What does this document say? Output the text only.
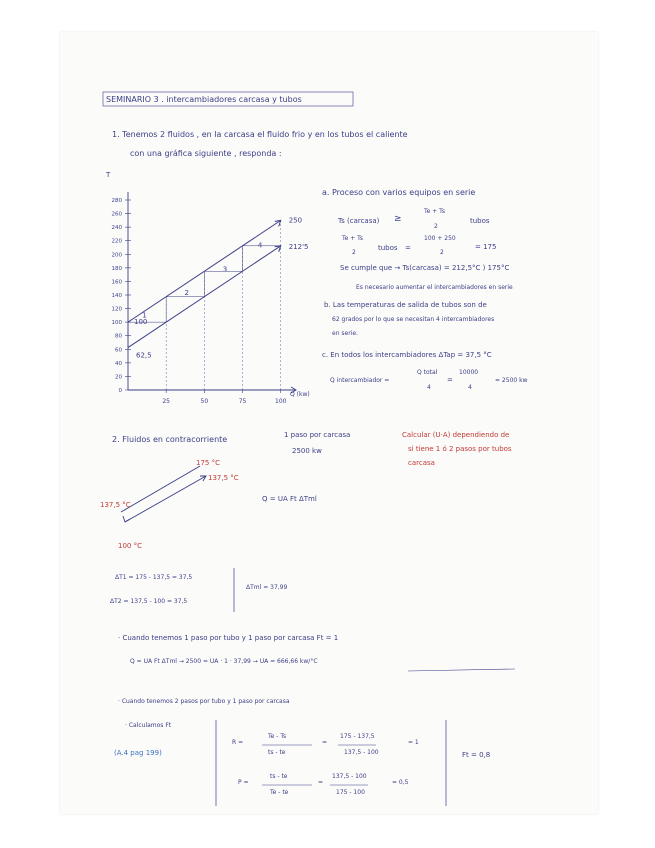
SEMINARIO 3 . intercambiadores carcasa y tubos
1. Tenemos 2 fluidos , en la carcasa el fluido frio y en los tubos el caliente
con una gráfica siguiente , responda :
0
20
40
60
80
100
120
140
160
180
200
220
240
260
280
25	50	75	100
250
212'5
100
62,5
1
2
3
4
T
Q (kw)
a. Proceso con varios equipos en serie
Ts (carcasa) ≥
Te + Ts
2
tubos
Te + Ts
2
tubos =
100 + 250
2
= 175
Se cumple que → Ts(carcasa) = 212,5°C ) 175°C
Es necesario aumentar el intercambiadores en serie
b. Las temperaturas de salida de tubos son de
62 grados por lo que se necesitan 4 intercambiadores
en serie.
c. En todos los intercambiadores ΔTap = 37,5 °C
Q intercambiador =
Q total
4
=
10000
4
= 2500 kw
2. Fluidos en contracorriente	1 paso por carcasa
2500 kw
Calcular (U·A) dependiendo de
si tiene 1 ó 2 pasos por tubos
carcasa
175 °C
137,5 °C
137,5 °C
100 °C
Q = UA Ft ΔTml
ΔT1 = 175 - 137,5 = 37,5
ΔT2 = 137,5 - 100 = 37,5
ΔTml = 37,99
· Cuando tenemos 1 paso por tubo y 1 paso por carcasa Ft = 1
Q = UA Ft ΔTml → 2500 = UA · 1 · 37,99 → UA = 666,66 kw/°C
· Cuando tenemos 2 pasos por tubo y 1 paso por carcasa
· Calculamos Ft
(A.4 pag 199)
R =
Te - Ts
ts - te
=
175 - 137,5
137,5 - 100
= 1
P =
ts - te
Te - te
=
137,5 - 100
175 - 100
= 0,5
Ft = 0,8
